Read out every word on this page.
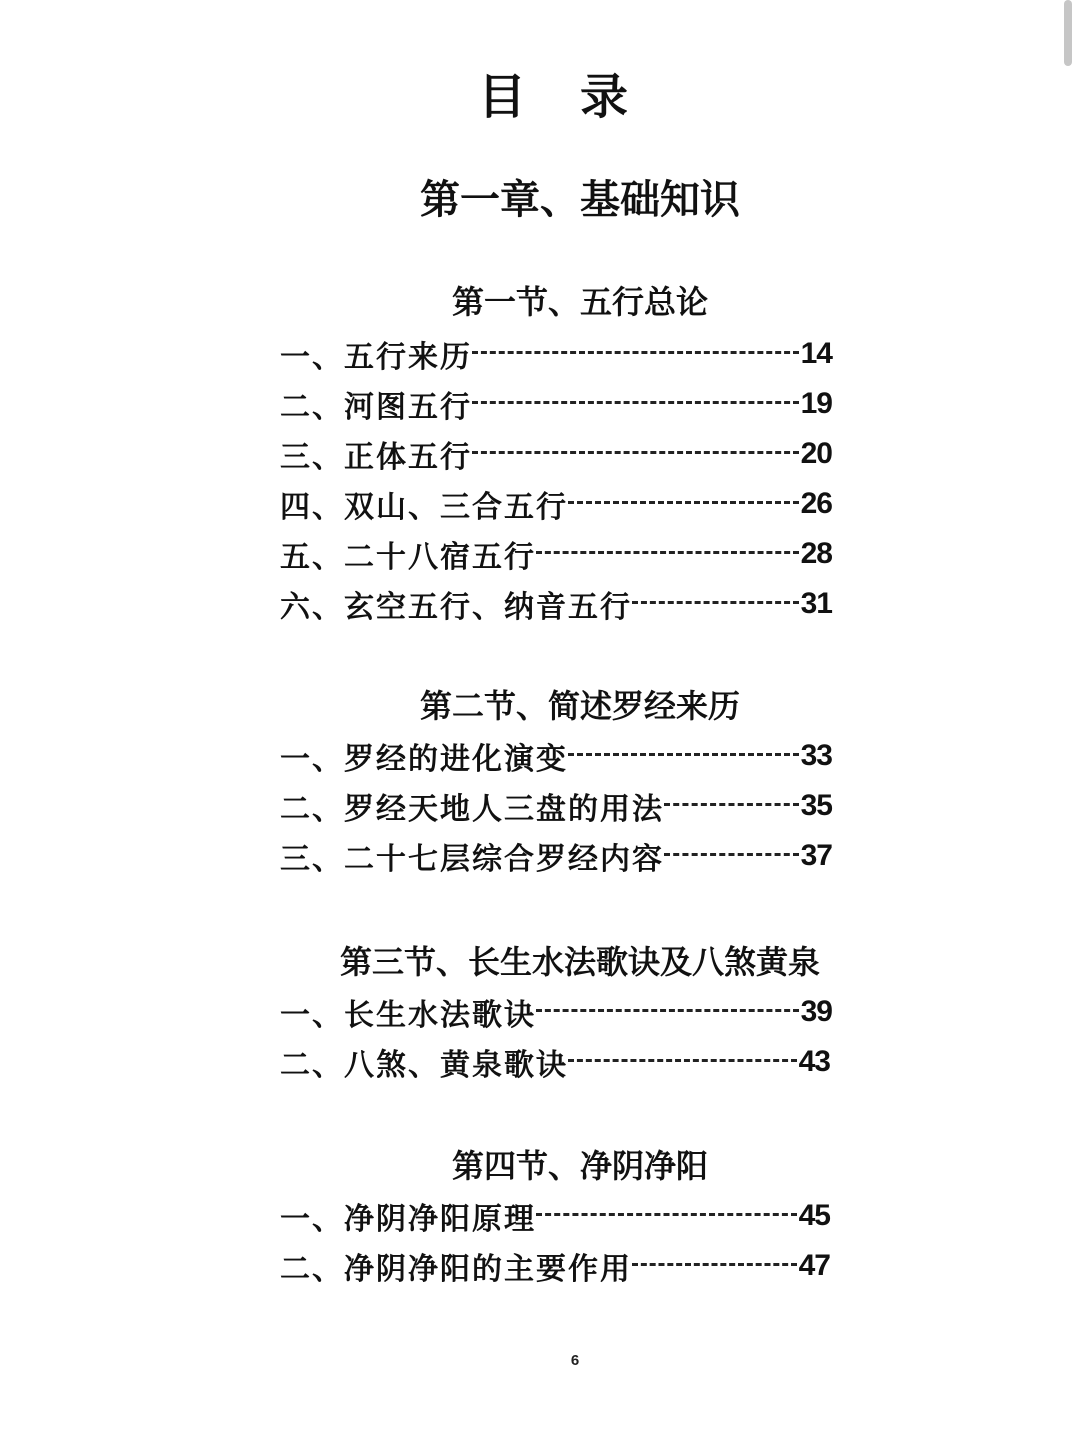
目录
第一章、基础知识
第一节、五行总论
一、五行来历	14
二、河图五行	19
三、正体五行	20
四、双山、三合五行	26
五、二十八宿五行	28
六、玄空五行、纳音五行	31
第二节、简述罗经来历
一、罗经的进化演变	33
二、罗经天地人三盘的用法	35
三、二十七层综合罗经内容	37
第三节、长生水法歌诀及八煞黄泉
一、长生水法歌诀	39
二、八煞、黄泉歌诀	43
第四节、净阴净阳
一、净阴净阳原理	45
二、净阴净阳的主要作用	47
6
